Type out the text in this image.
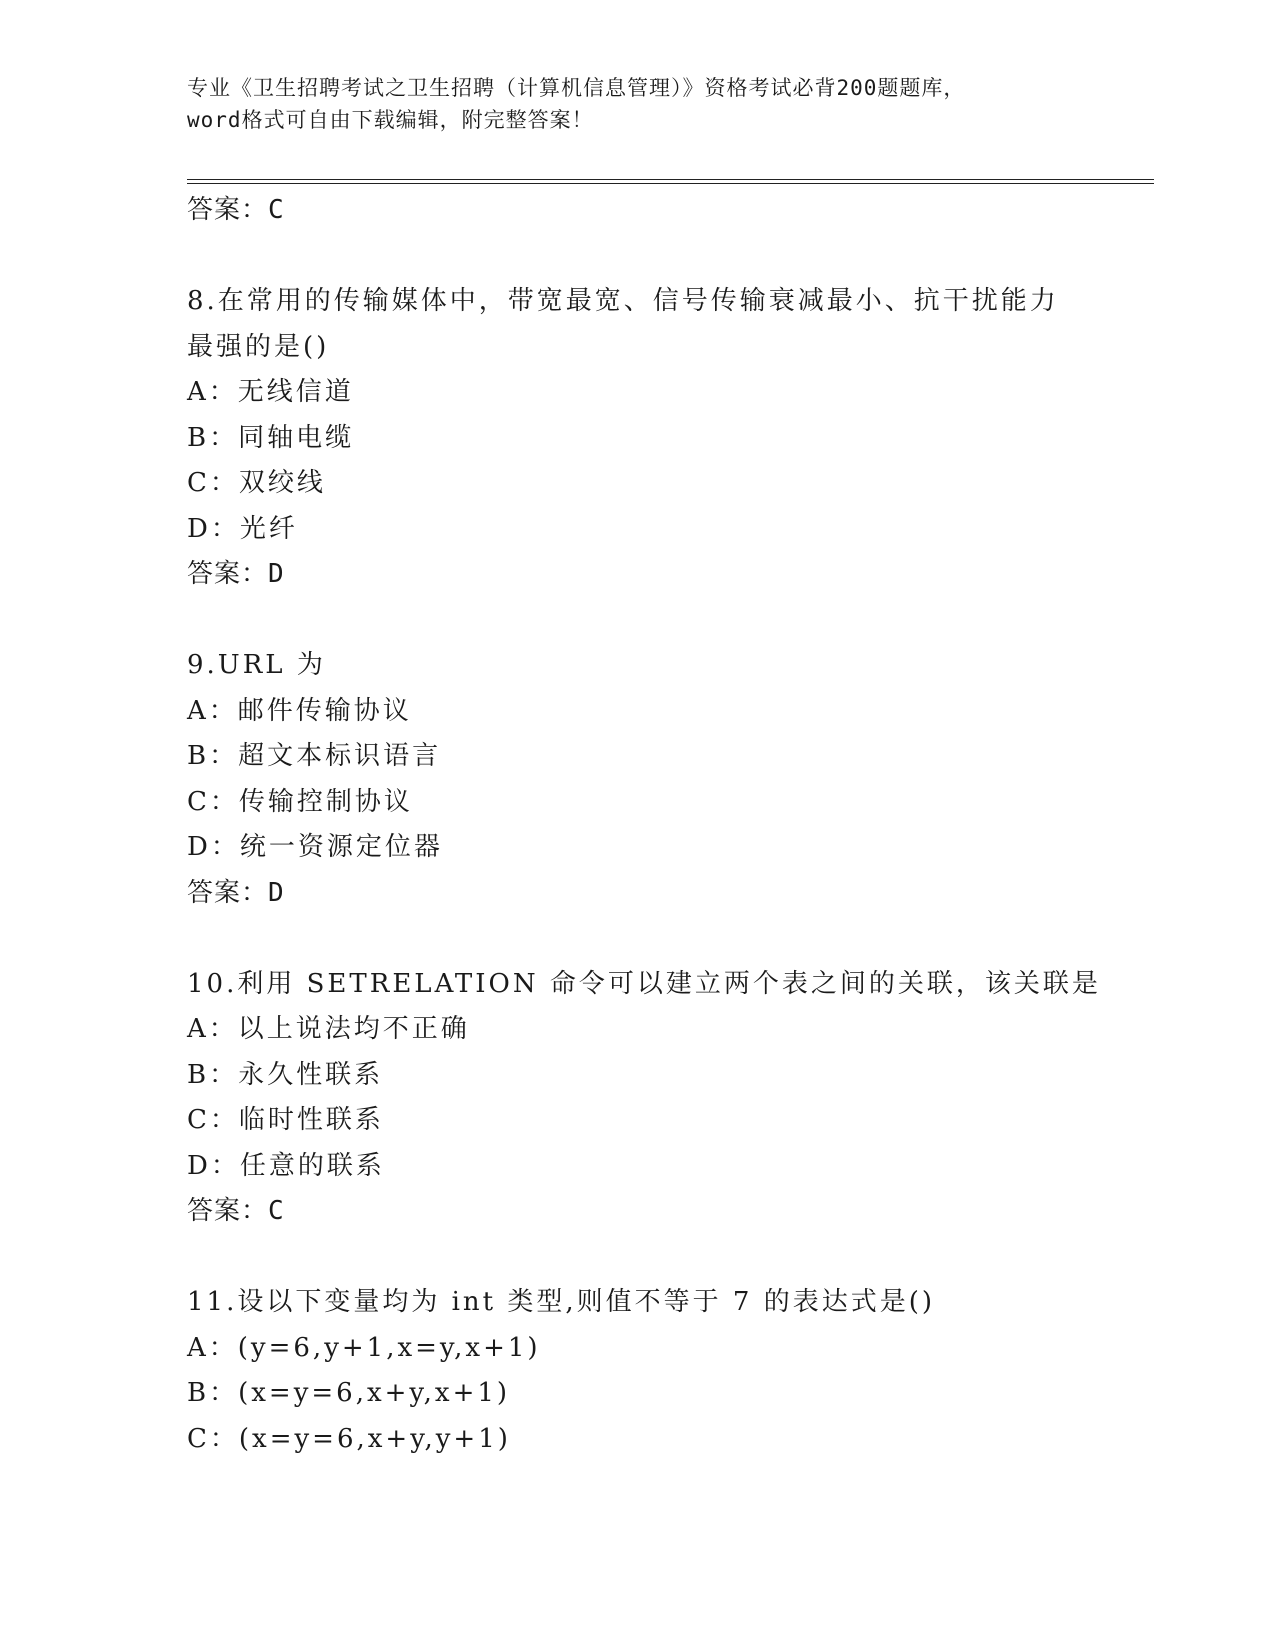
专业《卫生招聘考试之卫生招聘（计算机信息管理）》资格考试必背200题题库，
word格式可自由下载编辑，附完整答案！
答案：C
8.在常用的传输媒体中，带宽最宽、信号传输衰减最小、抗干扰能力
最强的是()
A：无线信道
B：同轴电缆
C：双绞线
D：光纤
答案：D
9.URL 为
A：邮件传输协议
B：超文本标识语言
C：传输控制协议
D：统一资源定位器
答案：D
10.利用 SETRELATION 命令可以建立两个表之间的关联，该关联是
A：以上说法均不正确
B：永久性联系
C：临时性联系
D：任意的联系
答案：C
11.设以下变量均为 int 类型,则值不等于 7 的表达式是()
A：(y=6,y+1,x=y,x+1)
B：(x=y=6,x+y,x+1)
C：(x=y=6,x+y,y+1)
